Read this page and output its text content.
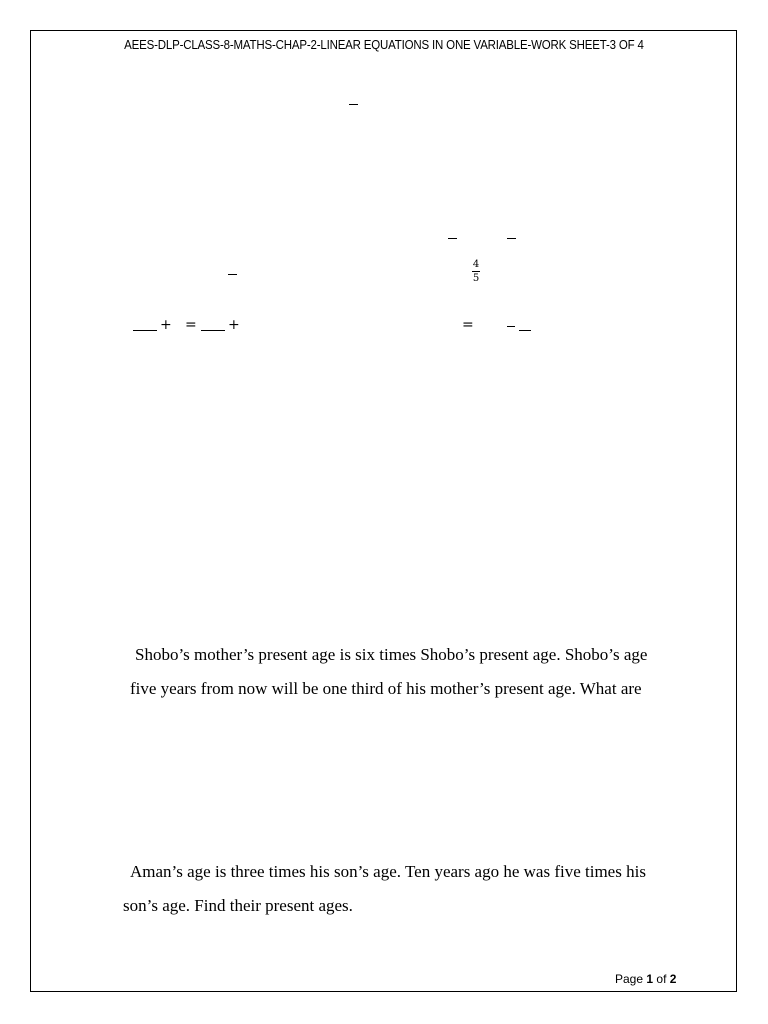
AEES-DLP-CLASS-8-MATHS-CHAP-2-LINEAR EQUATIONS IN ONE VARIABLE-WORK SHEET-3 OF 4
4
5
+ = +	=
Shobo’s mother’s present age is six times Shobo’s present age. Shobo’s age
five years from now will be one third of his mother’s present age. What are
Aman’s age is three times his son’s age. Ten years ago he was five times his
son’s age. Find their present ages.
Page 1 of 2
